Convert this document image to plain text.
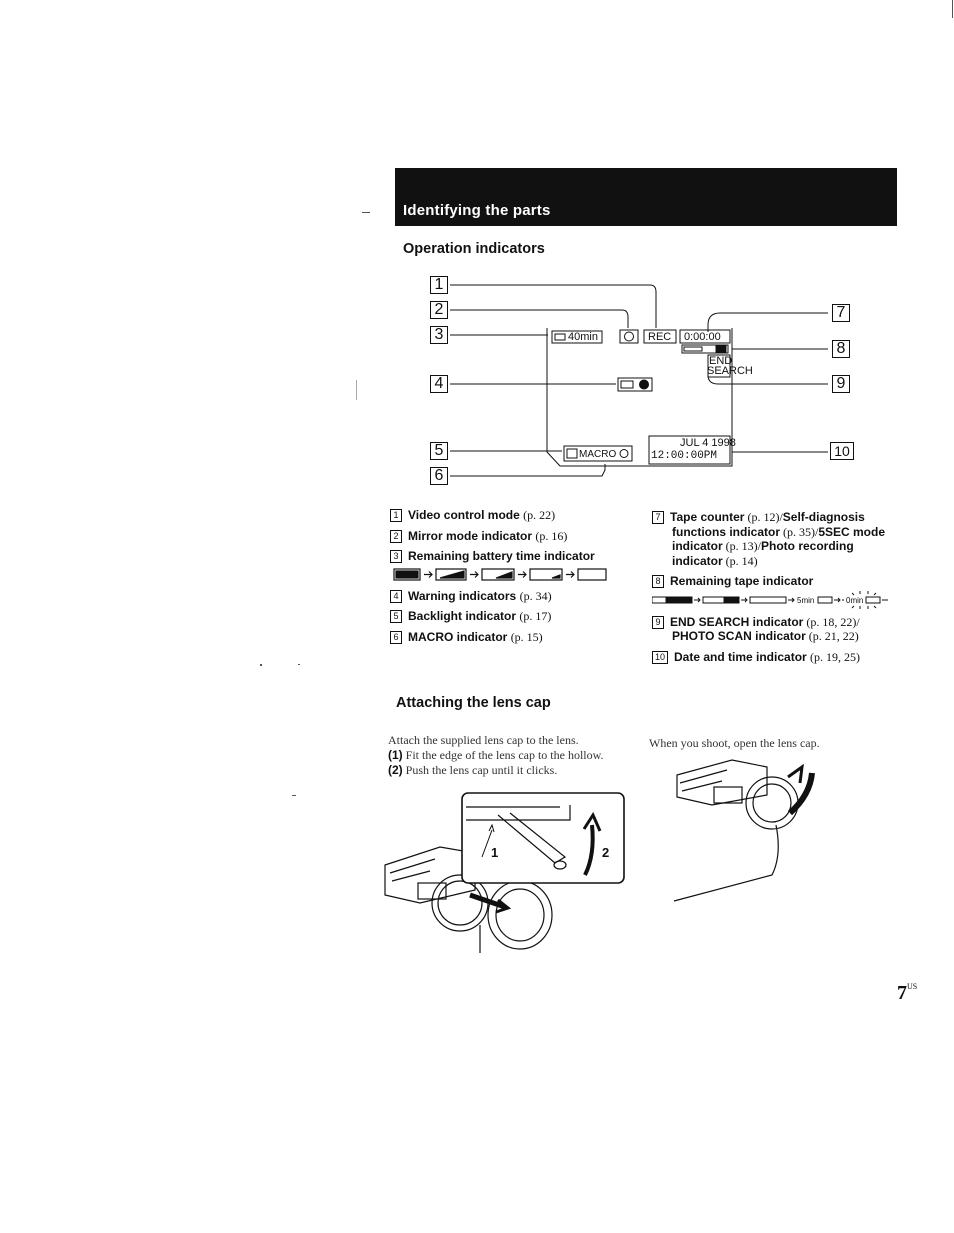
Identifying the parts
Operation indicators
1
2
3
4
5
6
7
8
9
10
40min	REC 0:00:00
END
SEARCH
MACRO
JUL 4 1998
12:00:00PM
1 Video control mode (p. 22)
2 Mirror mode indicator (p. 16)
3 Remaining battery time indicator
4 Warning indicators (p. 34)
5 Backlight indicator (p. 17)
6 MACRO indicator (p. 15)
7 Tape counter (p. 12)/Self-diagnosis
functions indicator (p. 35)/5SEC mode
indicator (p. 13)/Photo recording
indicator (p. 14)
8 Remaining tape indicator
5min	0min
9 END SEARCH indicator (p. 18, 22)/
PHOTO SCAN indicator (p. 21, 22)
10 Date and time indicator (p. 19, 25)
Attaching the lens cap
Attach the supplied lens cap to the lens.
(1) Fit the edge of the lens cap to the hollow.
(2) Push the lens cap until it clicks.
When you shoot, open the lens cap.
1	2
$7^{US}$
